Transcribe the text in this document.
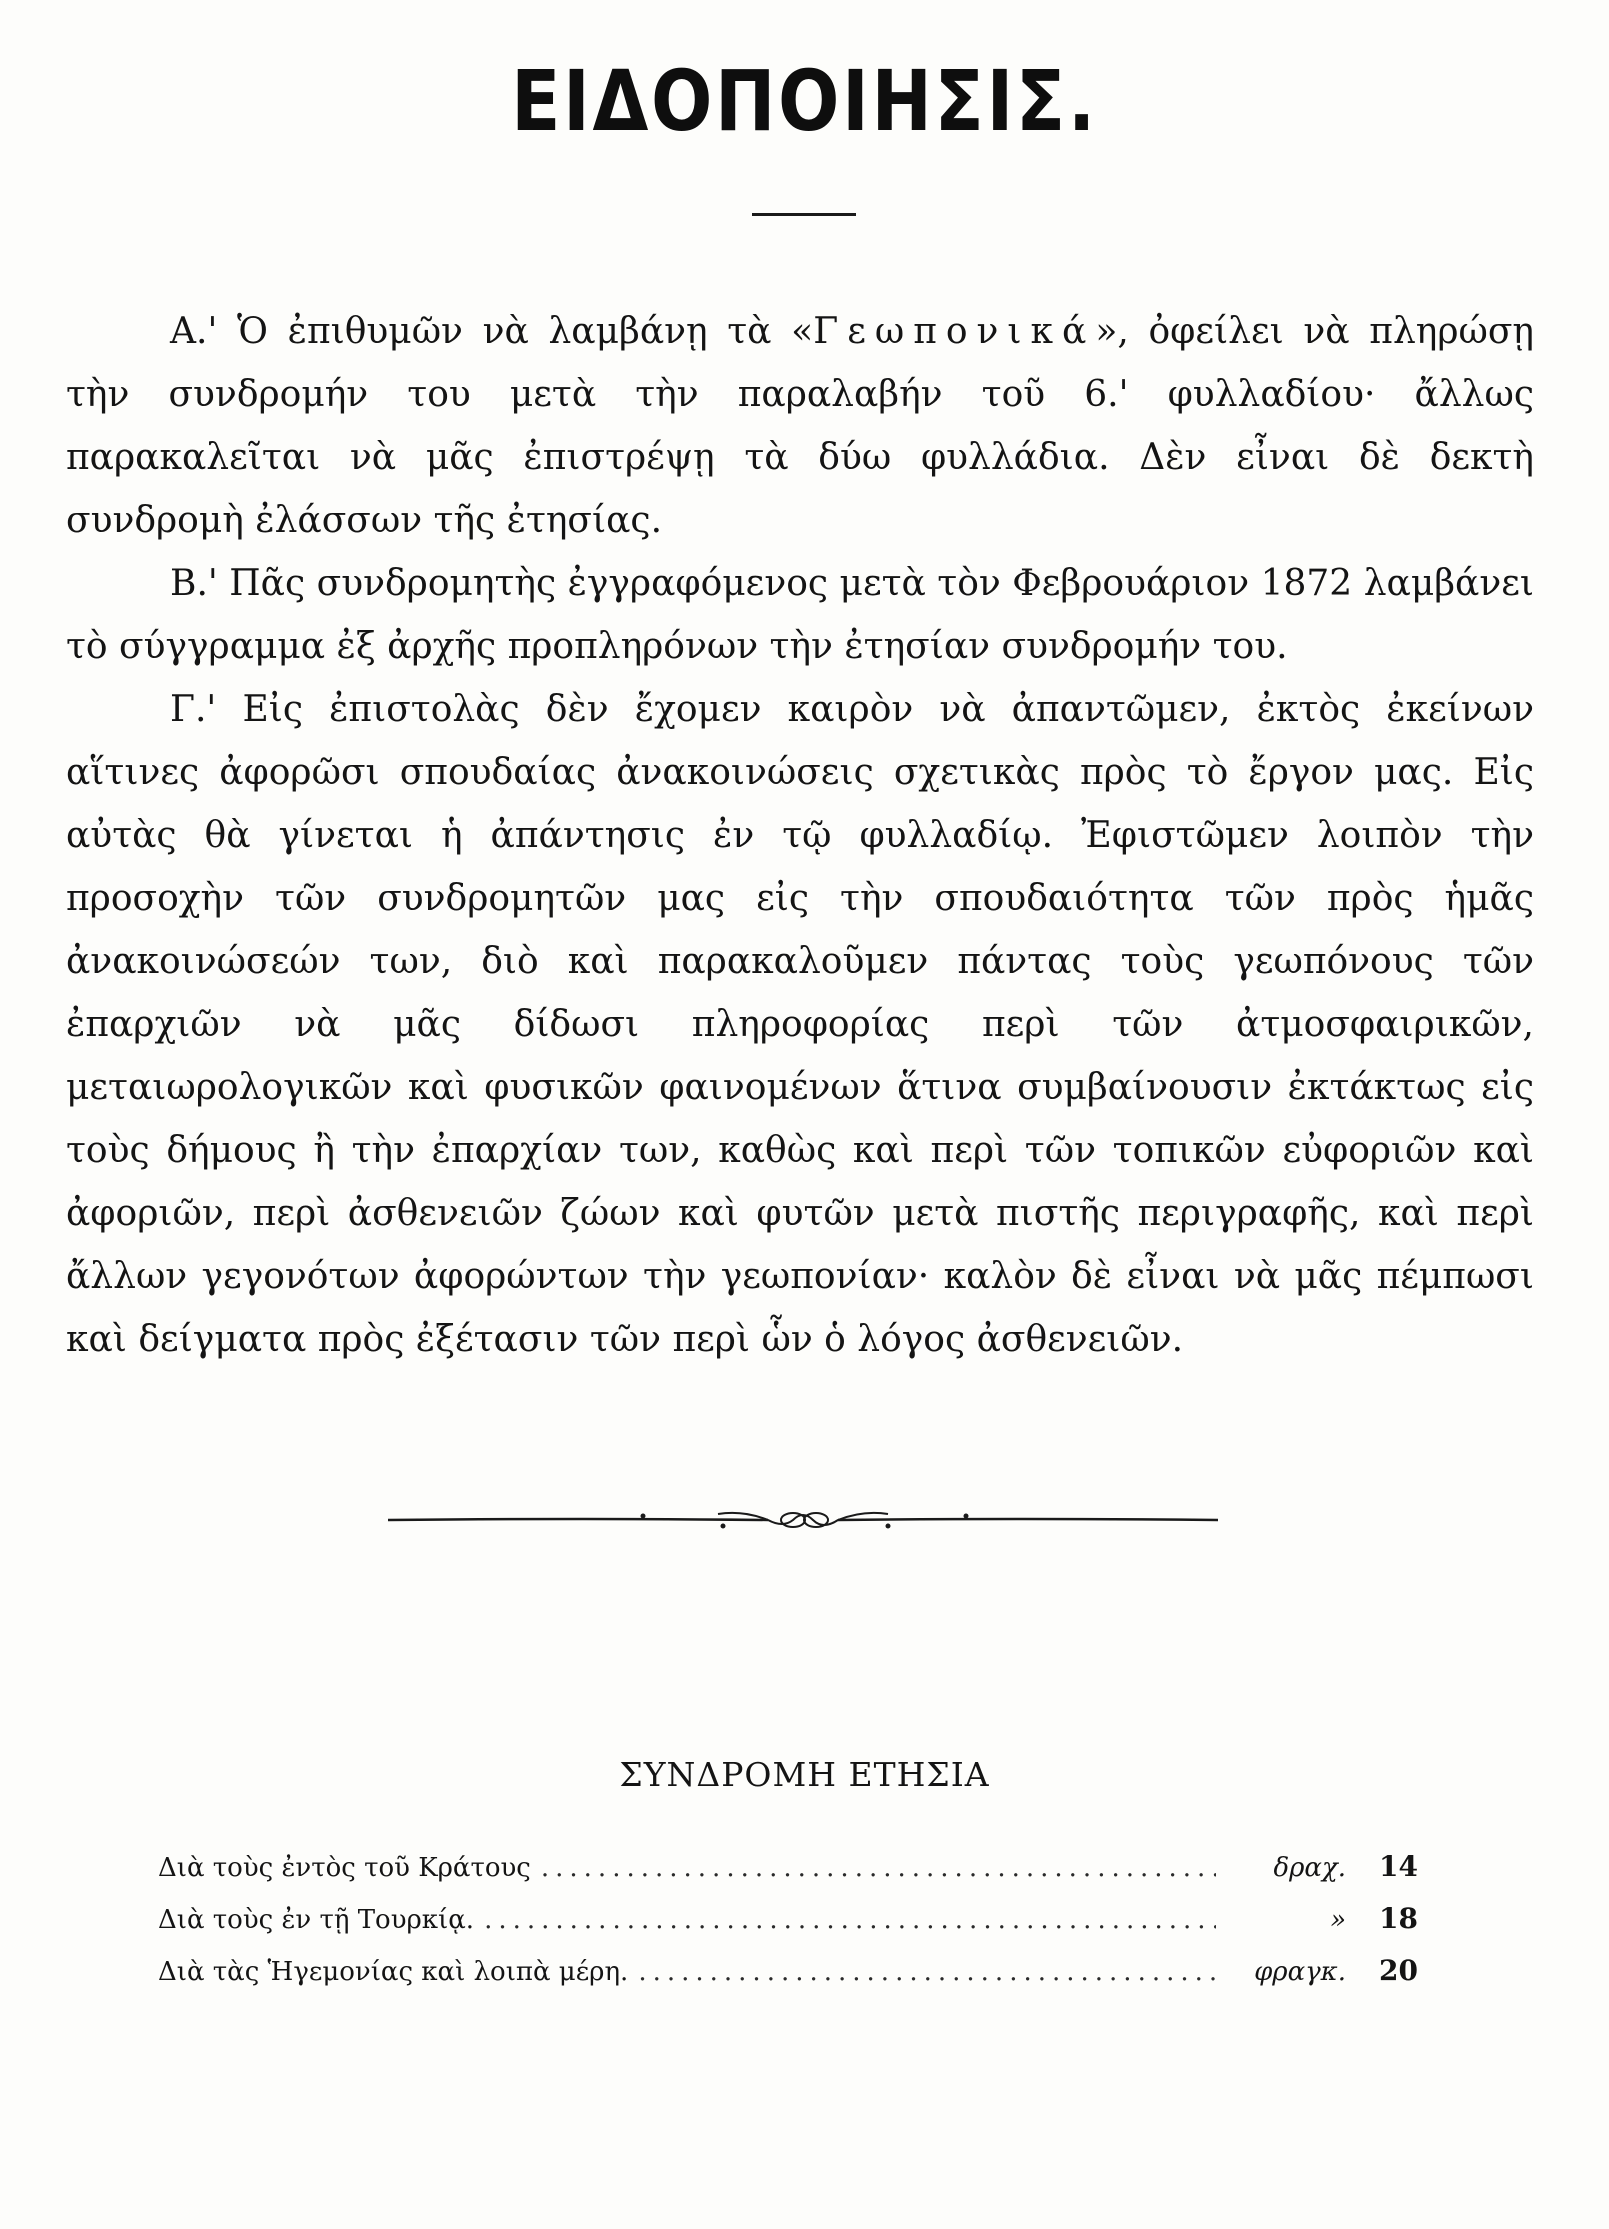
ΕΙΔΟΠΟΙΗΣΙΣ.

Α.' Ὁ ἐπιθυμῶν νὰ λαμβάνῃ τὰ «Γεωπονικά», ὀφείλει νὰ πληρώσῃ τὴν συνδρομήν του μετὰ τὴν παραλαβήν τοῦ 6.' φυλλαδίου· ἄλλως παρακαλεῖται νὰ μᾶς ἐπιστρέψῃ τὰ δύω φυλλάδια. Δὲν εἶναι δὲ δεκτὴ συνδρομὴ ἐλάσσων τῆς ἐτησίας.

Β.' Πᾶς συνδρομητὴς ἐγγραφόμενος μετὰ τὸν Φεβρουάριον 1872 λαμβάνει τὸ σύγγραμμα ἐξ ἀρχῆς προπληρόνων τὴν ἐτησίαν συνδρομήν του.

Γ.' Εἰς ἐπιστολὰς δὲν ἔχομεν καιρὸν νὰ ἀπαντῶμεν, ἐκτὸς ἐκείνων αἵτινες ἀφορῶσι σπουδαίας ἀνακοινώσεις σχετικὰς πρὸς τὸ ἔργον μας. Εἰς αὐτὰς θὰ γίνεται ἡ ἀπάντησις ἐν τῷ φυλλαδίῳ. Ἐφιστῶμεν λοιπὸν τὴν προσοχὴν τῶν συνδρομητῶν μας εἰς τὴν σπουδαιότητα τῶν πρὸς ἡμᾶς ἀνακοινώσεών των, διὸ καὶ παρακαλοῦμεν πάντας τοὺς γεωπόνους τῶν ἐπαρχιῶν νὰ μᾶς δίδωσι πληροφορίας περὶ τῶν ἀτμοσφαιρικῶν, μεταιωρολογικῶν καὶ φυσικῶν φαινομένων ἅτινα συμβαίνουσιν ἐκτάκτως εἰς τοὺς δήμους ἢ τὴν ἐπαρχίαν των, καθὼς καὶ περὶ τῶν τοπικῶν εὐφοριῶν καὶ ἀφοριῶν, περὶ ἀσθενειῶν ζώων καὶ φυτῶν μετὰ πιστῆς περιγραφῆς, καὶ περὶ ἄλλων γεγονότων ἀφορώντων τὴν γεωπονίαν· καλὸν δὲ εἶναι νὰ μᾶς πέμπωσι καὶ δείγματα πρὸς ἐξέτασιν τῶν περὶ ὧν ὁ λόγος ἀσθενειῶν.

ΣΥΝΔΡΟΜΗ ΕΤΗΣΙΑ
Διὰ τοὺς ἐντὸς τοῦ Κράτους .....	δραχ.	14
Διὰ τοὺς ἐν τῇ Τουρκίᾳ. .....	»	18
Διὰ τὰς Ἡγεμονίας καὶ λοιπὰ μέρη. .....	φραγκ.	20
